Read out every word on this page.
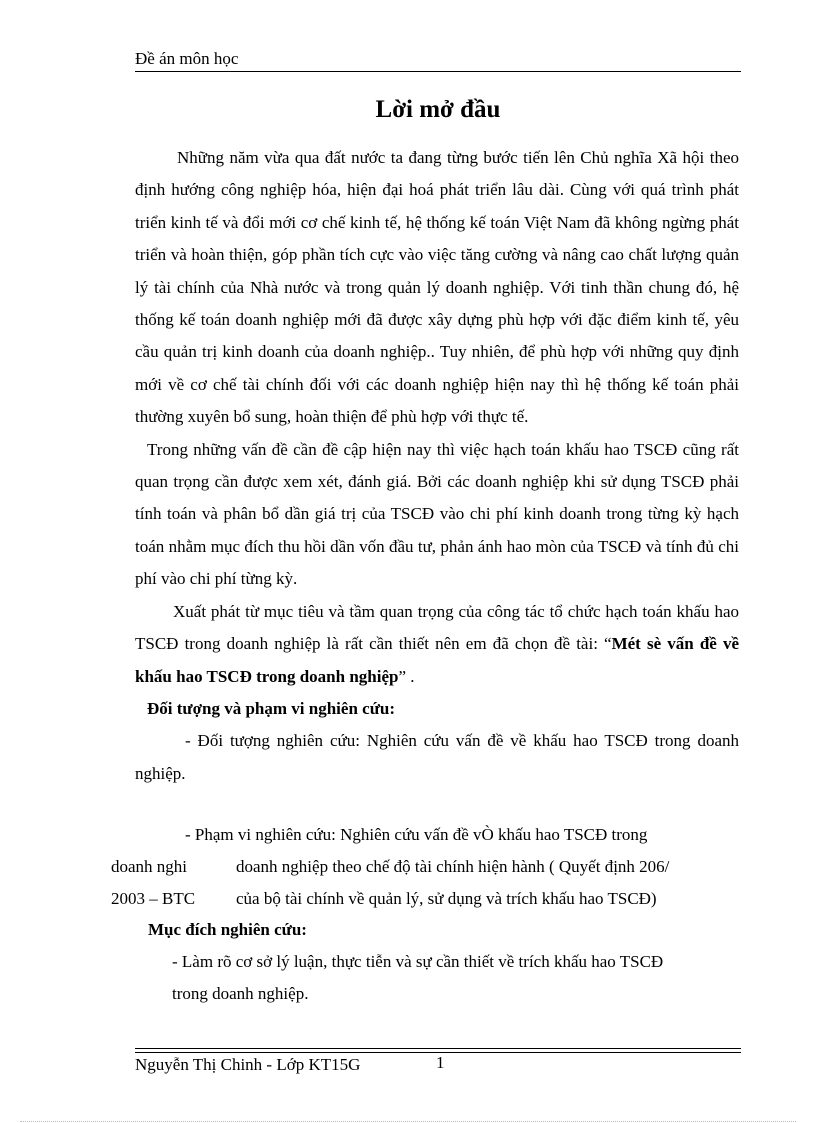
Đề án môn học
Lời mở đầu

Những năm vừa qua đất nước ta đang từng bước tiến lên Chủ nghĩa Xã hội theo định hướng công nghiệp hóa, hiện đại hoá phát triển lâu dài. Cùng với quá trình phát triển kinh tế và đổi mới cơ chế kinh tế, hệ thống kế toán Việt Nam đã không ngừng phát triển và hoàn thiện, góp phần tích cực vào việc tăng cường và nâng cao chất lượng quản lý tài chính của Nhà nước và trong quản lý doanh nghiệp. Với tinh thần chung đó, hệ thống kế toán doanh nghiệp mới đã được xây dựng phù hợp với đặc điểm kinh tế, yêu cầu quản trị kinh doanh của doanh nghiệp.. Tuy nhiên, để phù hợp với những quy định mới về cơ chế tài chính đối với các doanh nghiệp hiện nay thì hệ thống kế toán phải thường xuyên bổ sung, hoàn thiện để phù hợp với thực tế.

Trong những vấn đề cần đề cập hiện nay thì việc hạch toán khấu hao TSCĐ cũng rất quan trọng cần được xem xét, đánh giá. Bởi các doanh nghiệp khi sử dụng TSCĐ phải tính toán và phân bổ dần giá trị của TSCĐ vào chi phí kinh doanh trong từng kỳ hạch toán nhằm mục đích thu hồi dần vốn đầu tư, phản ánh hao mòn của TSCĐ và tính đủ chi phí vào chi phí từng kỳ.

Xuất phát từ mục tiêu và tầm quan trọng của công tác tổ chức hạch toán khấu hao TSCĐ trong doanh nghiệp là rất cần thiết nên em đã chọn đề tài: “Mét sè vấn đề về khấu hao TSCĐ trong doanh nghiệp” .

Đối tượng và phạm vi nghiên cứu:

- Đối tượng nghiên cứu: Nghiên cứu vấn đề về khấu hao TSCĐ trong doanh nghiệp.

- Phạm vi nghiên cứu: Nghiên cứu vấn đề vÒ khấu hao TSCĐ trong
doanh nghi	doanh nghiệp theo chế độ tài chính hiện hành ( Quyết định 206/
2003 – BTC của bộ tài chính về quản lý, sử dụng và trích khấu hao TSCĐ)
Mục đích nghiên cứu:
- Làm rõ cơ sở lý luận, thực tiễn và sự cần thiết về trích khấu hao TSCĐ
trong doanh nghiệp.
Nguyễn Thị Chinh - Lớp KT15G	1
